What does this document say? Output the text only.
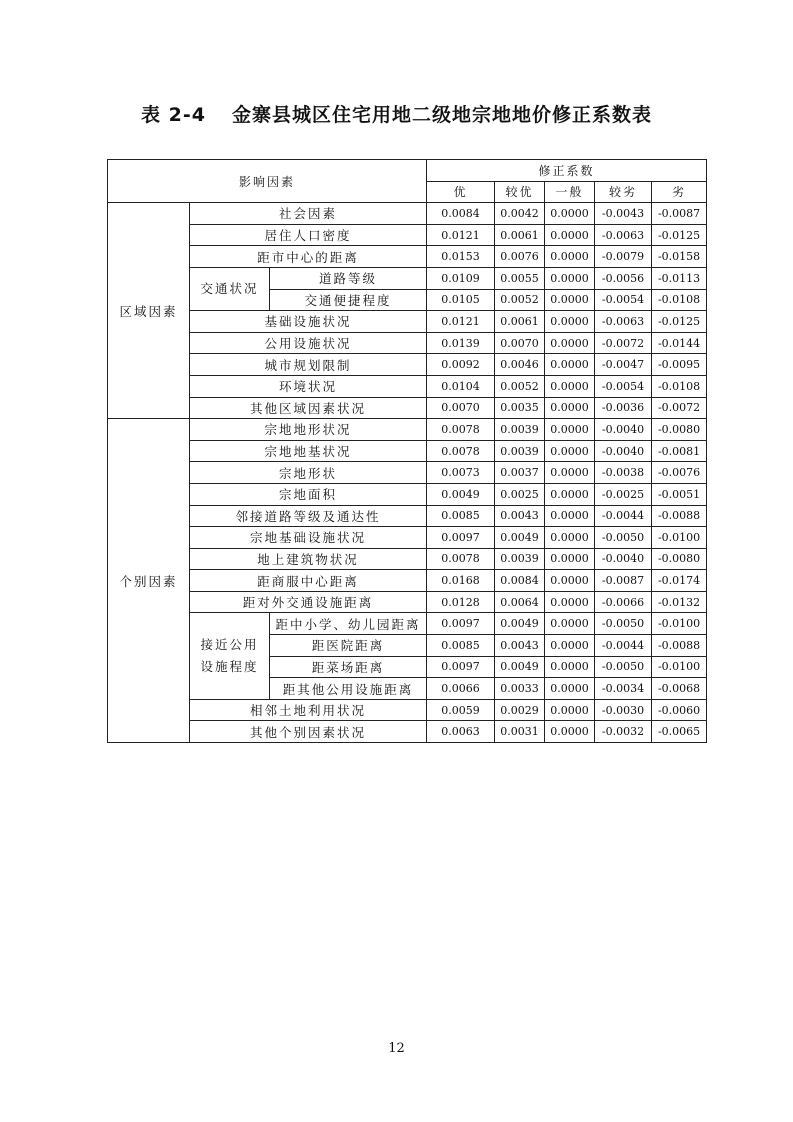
表 2-4 金寨县城区住宅用地二级地宗地地价修正系数表
影响因素			修正系数				
			优	较优	一般	较劣	劣
区域因素	社会因素		0.0084	0.0042	0.0000	-0.0043	-0.0087
	居住人口密度		0.0121	0.0061	0.0000	-0.0063	-0.0125
	距市中心的距离		0.0153	0.0076	0.0000	-0.0079	-0.0158
	交通状况	道路等级	0.0109	0.0055	0.0000	-0.0056	-0.0113
		交通便捷程度	0.0105	0.0052	0.0000	-0.0054	-0.0108
	基础设施状况		0.0121	0.0061	0.0000	-0.0063	-0.0125
	公用设施状况		0.0139	0.0070	0.0000	-0.0072	-0.0144
	城市规划限制		0.0092	0.0046	0.0000	-0.0047	-0.0095
	环境状况		0.0104	0.0052	0.0000	-0.0054	-0.0108
	其他区域因素状况		0.0070	0.0035	0.0000	-0.0036	-0.0072
个别因素	宗地地形状况		0.0078	0.0039	0.0000	-0.0040	-0.0080
	宗地地基状况		0.0078	0.0039	0.0000	-0.0040	-0.0081
	宗地形状		0.0073	0.0037	0.0000	-0.0038	-0.0076
	宗地面积		0.0049	0.0025	0.0000	-0.0025	-0.0051
	邻接道路等级及通达性		0.0085	0.0043	0.0000	-0.0044	-0.0088
	宗地基础设施状况		0.0097	0.0049	0.0000	-0.0050	-0.0100
	地上建筑物状况		0.0078	0.0039	0.0000	-0.0040	-0.0080
	距商服中心距离		0.0168	0.0084	0.0000	-0.0087	-0.0174
	距对外交通设施距离		0.0128	0.0064	0.0000	-0.0066	-0.0132
	接近公用设施程度	距中小学、幼儿园距离	0.0097	0.0049	0.0000	-0.0050	-0.0100
		距医院距离	0.0085	0.0043	0.0000	-0.0044	-0.0088
		距菜场距离	0.0097	0.0049	0.0000	-0.0050	-0.0100
		距其他公用设施距离	0.0066	0.0033	0.0000	-0.0034	-0.0068
	相邻土地利用状况		0.0059	0.0029	0.0000	-0.0030	-0.0060
	其他个别因素状况		0.0063	0.0031	0.0000	-0.0032	-0.0065
12
